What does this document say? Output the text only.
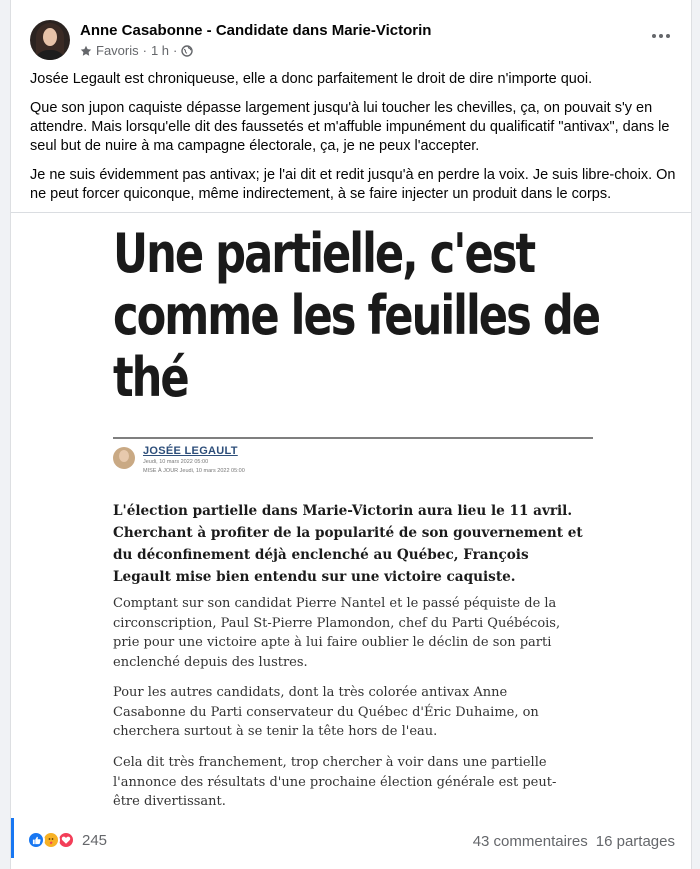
Anne Casabonne - Candidate dans Marie-Victorin
Favoris · 1 h ·

Josée Legault est chroniqueuse, elle a donc parfaitement le droit de dire n'importe quoi.

Que son jupon caquiste dépasse largement jusqu'à lui toucher les chevilles, ça, on pouvait s'y en attendre. Mais lorsqu'elle dit des faussetés et m'affuble impunément du qualificatif "antivax", dans le seul but de nuire à ma campagne électorale, ça, je ne peux l'accepter.

Je ne suis évidemment pas antivax; je l'ai dit et redit jusqu'à en perdre la voix. Je suis libre-choix. On ne peut forcer quiconque, même indirectement, à se faire injecter un produit dans le corps.

Une partielle, c'est
comme les feuilles de
thé
JOSÉE LEGAULT
Jeudi, 10 mars 2022 05:00
MISE À JOUR Jeudi, 10 mars 2022 05:00
L'élection partielle dans Marie-Victorin aura lieu le 11 avril. Cherchant à profiter de la popularité de son gouvernement et du déconfinement déjà enclenché au Québec, François Legault mise bien entendu sur une victoire caquiste.
Comptant sur son candidat Pierre Nantel et le passé péquiste de la circonscription, Paul St-Pierre Plamondon, chef du Parti Québécois, prie pour une victoire apte à lui faire oublier le déclin de son parti enclenché depuis des lustres.
Pour les autres candidats, dont la très colorée antivax Anne Casabonne du Parti conservateur du Québec d'Éric Duhaime, on cherchera surtout à se tenir la tête hors de l'eau.
Cela dit très franchement, trop chercher à voir dans une partielle l'annonce des résultats d'une prochaine élection générale est peut-être divertissant.
245	43 commentaires 16 partages
